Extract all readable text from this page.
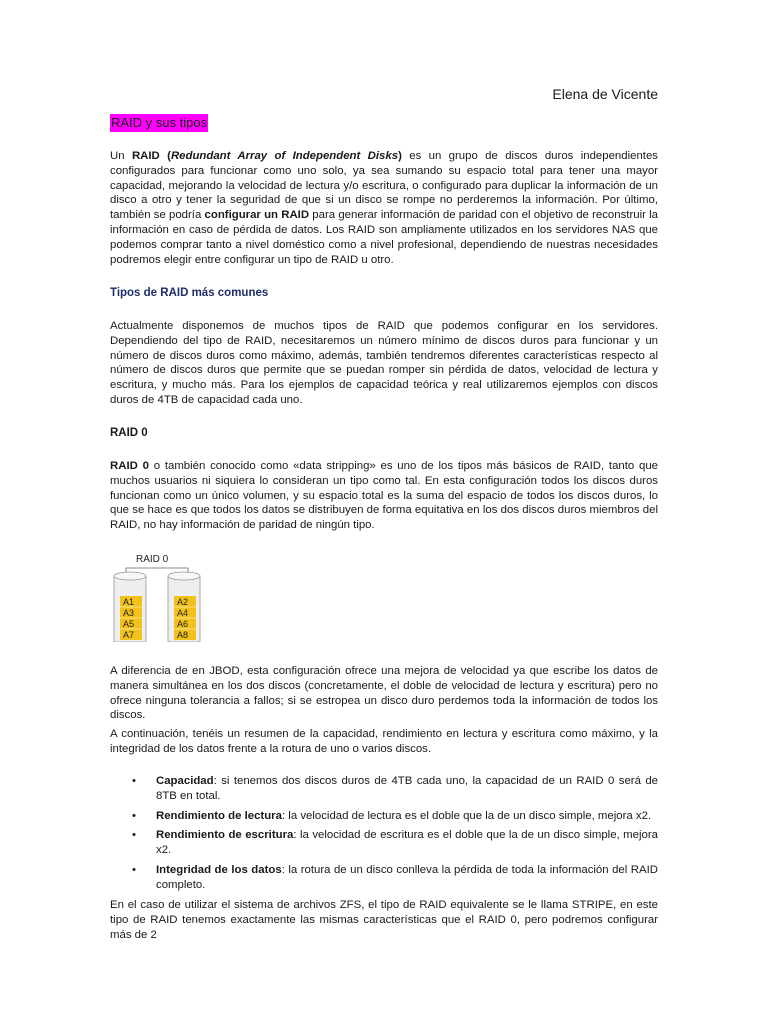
Elena de Vicente
RAID y sus tipos
Un RAID (Redundant Array of Independent Disks) es un grupo de discos duros independientes configurados para funcionar como uno solo, ya sea sumando su espacio total para tener una mayor capacidad, mejorando la velocidad de lectura y/o escritura, o configurado para duplicar la información de un disco a otro y tener la seguridad de que si un disco se rompe no perderemos la información. Por último, también se podría configurar un RAID para generar información de paridad con el objetivo de reconstruir la información en caso de pérdida de datos. Los RAID son ampliamente utilizados en los servidores NAS que podemos comprar tanto a nivel doméstico como a nivel profesional, dependiendo de nuestras necesidades podremos elegir entre configurar un tipo de RAID u otro.
Tipos de RAID más comunes
Actualmente disponemos de muchos tipos de RAID que podemos configurar en los servidores. Dependiendo del tipo de RAID, necesitaremos un número mínimo de discos duros para funcionar y un número de discos duros como máximo, además, también tendremos diferentes características respecto al número de discos duros que permite que se puedan romper sin pérdida de datos, velocidad de lectura y escritura, y mucho más. Para los ejemplos de capacidad teórica y real utilizaremos ejemplos con discos duros de 4TB de capacidad cada uno.
RAID 0
RAID 0 o también conocido como «data stripping» es uno de los tipos más básicos de RAID, tanto que muchos usuarios ni siquiera lo consideran un tipo como tal. En esta configuración todos los discos duros funcionan como un único volumen, y su espacio total es la suma del espacio de todos los discos duros, lo que se hace es que todos los datos se distribuyen de forma equitativa en los dos discos duros miembros del RAID, no hay información de paridad de ningún tipo.
RAID 0
A1
A3
A5
A7
A2
A4
A6
A8
A diferencia de en JBOD, esta configuración ofrece una mejora de velocidad ya que escribe los datos de manera simultánea en los dos discos (concretamente, el doble de velocidad de lectura y escritura) pero no ofrece ninguna tolerancia a fallos; si se estropea un disco duro perdemos toda la información de todos los discos.
A continuación, tenéis un resumen de la capacidad, rendimiento en lectura y escritura como máximo, y la integridad de los datos frente a la rotura de uno o varios discos.
• Capacidad: si tenemos dos discos duros de 4TB cada uno, la capacidad de un RAID 0 será de 8TB en total.
• Rendimiento de lectura: la velocidad de lectura es el doble que la de un disco simple, mejora x2.
• Rendimiento de escritura: la velocidad de escritura es el doble que la de un disco simple, mejora x2.
• Integridad de los datos: la rotura de un disco conlleva la pérdida de toda la información del RAID completo.
En el caso de utilizar el sistema de archivos ZFS, el tipo de RAID equivalente se le llama STRIPE, en este tipo de RAID tenemos exactamente las mismas características que el RAID 0, pero podremos configurar más de 2
